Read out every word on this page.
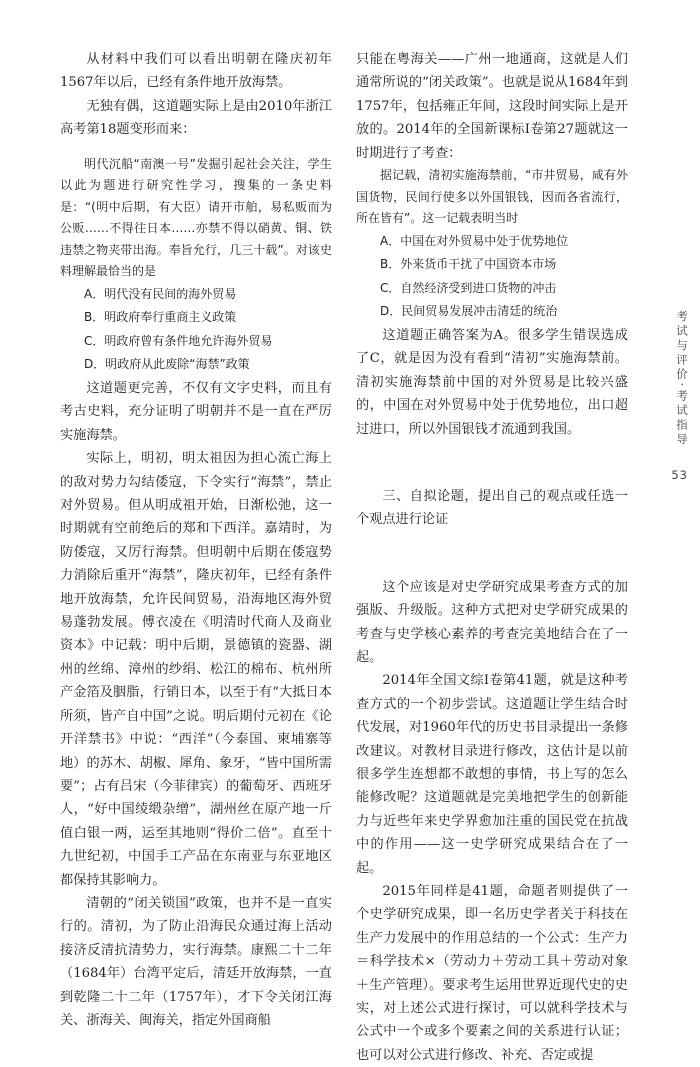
从材料中我们可以看出明朝在隆庆初年1567年以后，已经有条件地开放海禁。

无独有偶，这道题实际上是由2010年浙江高考第18题变形而来：

明代沉船“南澳一号”发掘引起社会关注，学生以此为题进行研究性学习，搜集的一条史料是：“(明中后期，有大臣）请开市舶，易私贩而为公贩……不得往日本……亦禁不得以硝黄、铜、铁违禁之物夹带出海。奉旨允行，几三十载”。对该史料理解最恰当的是

A．明代没有民间的海外贸易
B．明政府奉行重商主义政策
C．明政府曾有条件地允许海外贸易
D．明政府从此废除“海禁”政策

这道题更完善，不仅有文字史料，而且有考古史料，充分证明了明朝并不是一直在严厉实施海禁。

实际上，明初，明太祖因为担心流亡海上的敌对势力勾结倭寇，下令实行“海禁”，禁止对外贸易。但从明成祖开始，日渐松弛，这一时期就有空前绝后的郑和下西洋。嘉靖时，为防倭寇，又厉行海禁。但明朝中后期在倭寇势力消除后重开“海禁”，隆庆初年，已经有条件地开放海禁，允许民间贸易，沿海地区海外贸易蓬勃发展。傅衣凌在《明清时代商人及商业资本》中记载：明中后期，景德镇的瓷器、湖州的丝绵、漳州的纱绢、松江的棉布、杭州所产金箔及胭脂，行销日本，以至于有“大抵日本所须，皆产自中国”之说。明后期付元初在《论开洋禁书》中说：“西洋”（今泰国、柬埔寨等地）的苏木、胡椒、犀角、象牙，“皆中国所需要”；占有吕宋（今菲律宾）的葡萄牙、西班牙人，“好中国绫缎杂缯”，湖州丝在原产地一斤值白银一两，运至其地则“得价二倍”。直至十九世纪初，中国手工产品在东南亚与东亚地区都保持其影响力。

清朝的“闭关锁国”政策，也并不是一直实行的。清初，为了防止沿海民众通过海上活动接济反清抗清势力，实行海禁。康熙二十二年（1684年）台湾平定后，清廷开放海禁，一直到乾隆二十二年（1757年），才下令关闭江海关、浙海关、闽海关，指定外国商船

只能在粤海关——广州一地通商，这就是人们通常所说的“闭关政策”。也就是说从1684年到1757年，包括雍正年间，这段时间实际上是开放的。2014年的全国新课标Ⅰ卷第27题就这一时期进行了考查：

据记载，清初实施海禁前，“市井贸易，咸有外国货物，民间行使多以外国银钱，因而各省流行，所在皆有”。这一记载表明当时

A．中国在对外贸易中处于优势地位
B．外来货币干扰了中国资本市场
C．自然经济受到进口货物的冲击
D．民间贸易发展冲击清廷的统治

这道题正确答案为A。很多学生错误选成了C，就是因为没有看到“清初”实施海禁前。清初实施海禁前中国的对外贸易是比较兴盛的，中国在对外贸易中处于优势地位，出口超过进口，所以外国银钱才流通到我国。

三、自拟论题，提出自己的观点或任选一个观点进行论证

这个应该是对史学研究成果考查方式的加强版、升级版。这种方式把对史学研究成果的考查与史学核心素养的考查完美地结合在了一起。

2014年全国文综Ⅰ卷第41题，就是这种考查方式的一个初步尝试。这道题让学生结合时代发展，对1960年代的历史书目录提出一条修改建议。对教材目录进行修改，这估计是以前很多学生连想都不敢想的事情，书上写的怎么能修改呢？这道题就是完美地把学生的创新能力与近些年来史学界愈加注重的国民党在抗战中的作用——这一史学研究成果结合在了一起。

2015年同样是41题，命题者则提供了一个史学研究成果，即一名历史学者关于科技在生产力发展中的作用总结的一个公式：生产力＝科学技术×（劳动力＋劳动工具＋劳动对象＋生产管理）。要求考生运用世界近现代史的史实，对上述公式进行探讨，可以就科学技术与公式中一个或多个要素之间的关系进行认证；也可以对公式进行修改、补充、否定或提

考试与评价·考试指导
53
